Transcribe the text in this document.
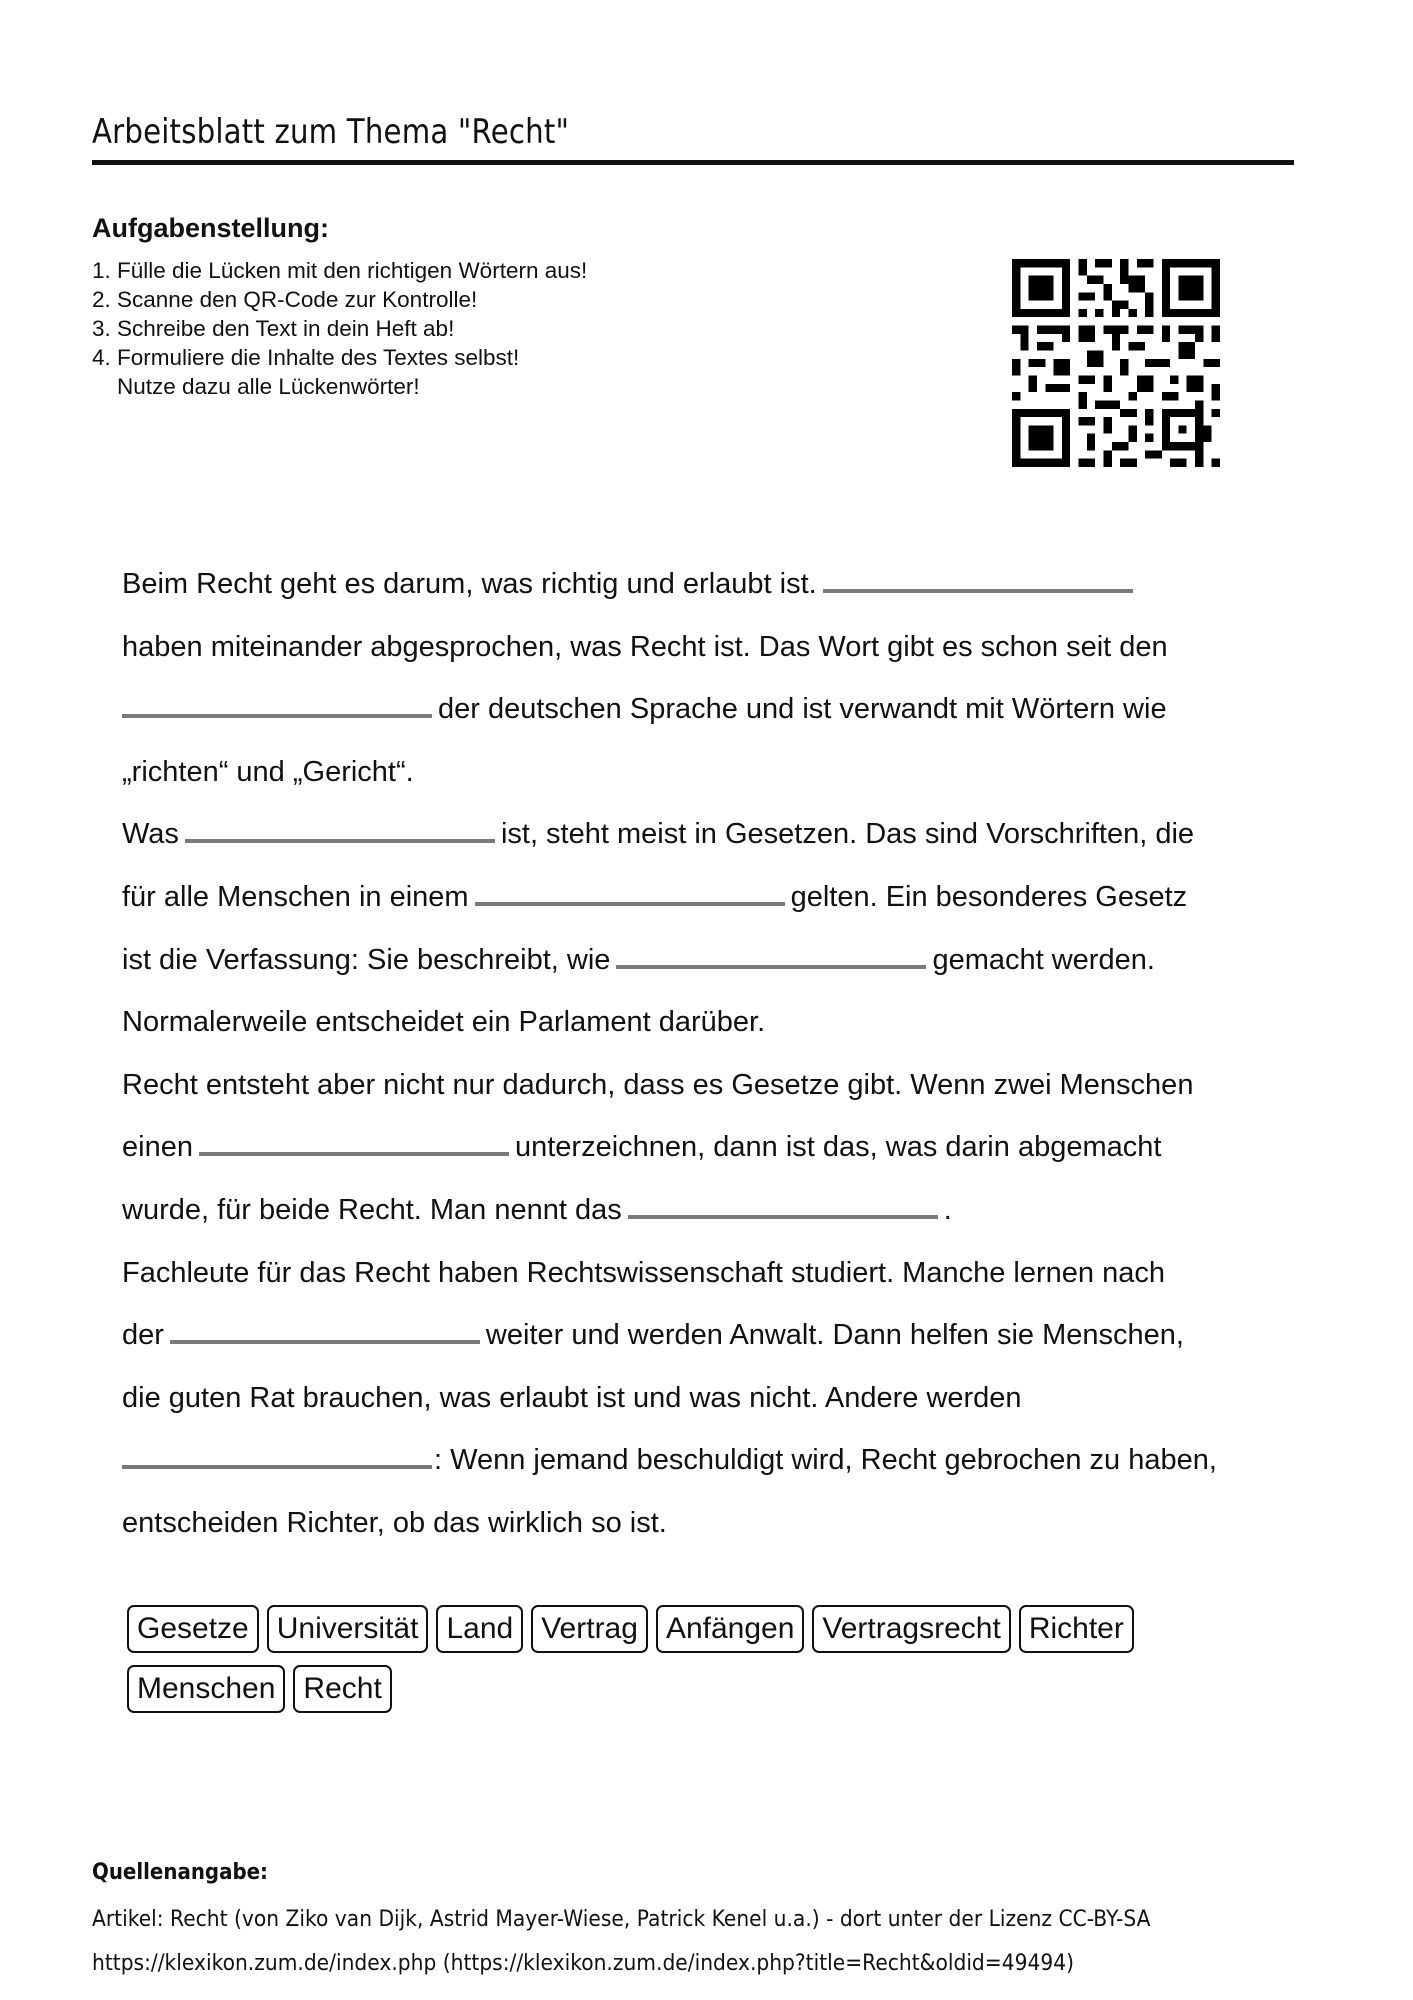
Arbeitsblatt zum Thema "Recht"
Aufgabenstellung:
1. Fülle die Lücken mit den richtigen Wörtern aus!
2. Scanne den QR-Code zur Kontrolle!
3. Schreibe den Text in dein Heft ab!
4. Formuliere die Inhalte des Textes selbst!
Nutze dazu alle Lückenwörter!
Beim Recht geht es darum, was richtig und erlaubt ist.
haben miteinander abgesprochen, was Recht ist. Das Wort gibt es schon seit den
der deutschen Sprache und ist verwandt mit Wörtern wie
„richten“ und „Gericht“.
Was	ist, steht meist in Gesetzen. Das sind Vorschriften, die
für alle Menschen in einem	gelten. Ein besonderes Gesetz
ist die Verfassung: Sie beschreibt, wie	gemacht werden.
Normalerweile entscheidet ein Parlament darüber.
Recht entsteht aber nicht nur dadurch, dass es Gesetze gibt. Wenn zwei Menschen
einen	unterzeichnen, dann ist das, was darin abgemacht
wurde, für beide Recht. Man nennt das	.
Fachleute für das Recht haben Rechtswissenschaft studiert. Manche lernen nach
der	weiter und werden Anwalt. Dann helfen sie Menschen,
die guten Rat brauchen, was erlaubt ist und was nicht. Andere werden
: Wenn jemand beschuldigt wird, Recht gebrochen zu haben,
entscheiden Richter, ob das wirklich so ist.
Gesetze Universität Land Vertrag Anfängen Vertragsrecht Richter
Menschen Recht
Quellenangabe:
Artikel: Recht (von Ziko van Dijk, Astrid Mayer-Wiese, Patrick Kenel u.a.) - dort unter der Lizenz CC-BY-SA
https://klexikon.zum.de/index.php (https://klexikon.zum.de/index.php?title=Recht&oldid=49494)
